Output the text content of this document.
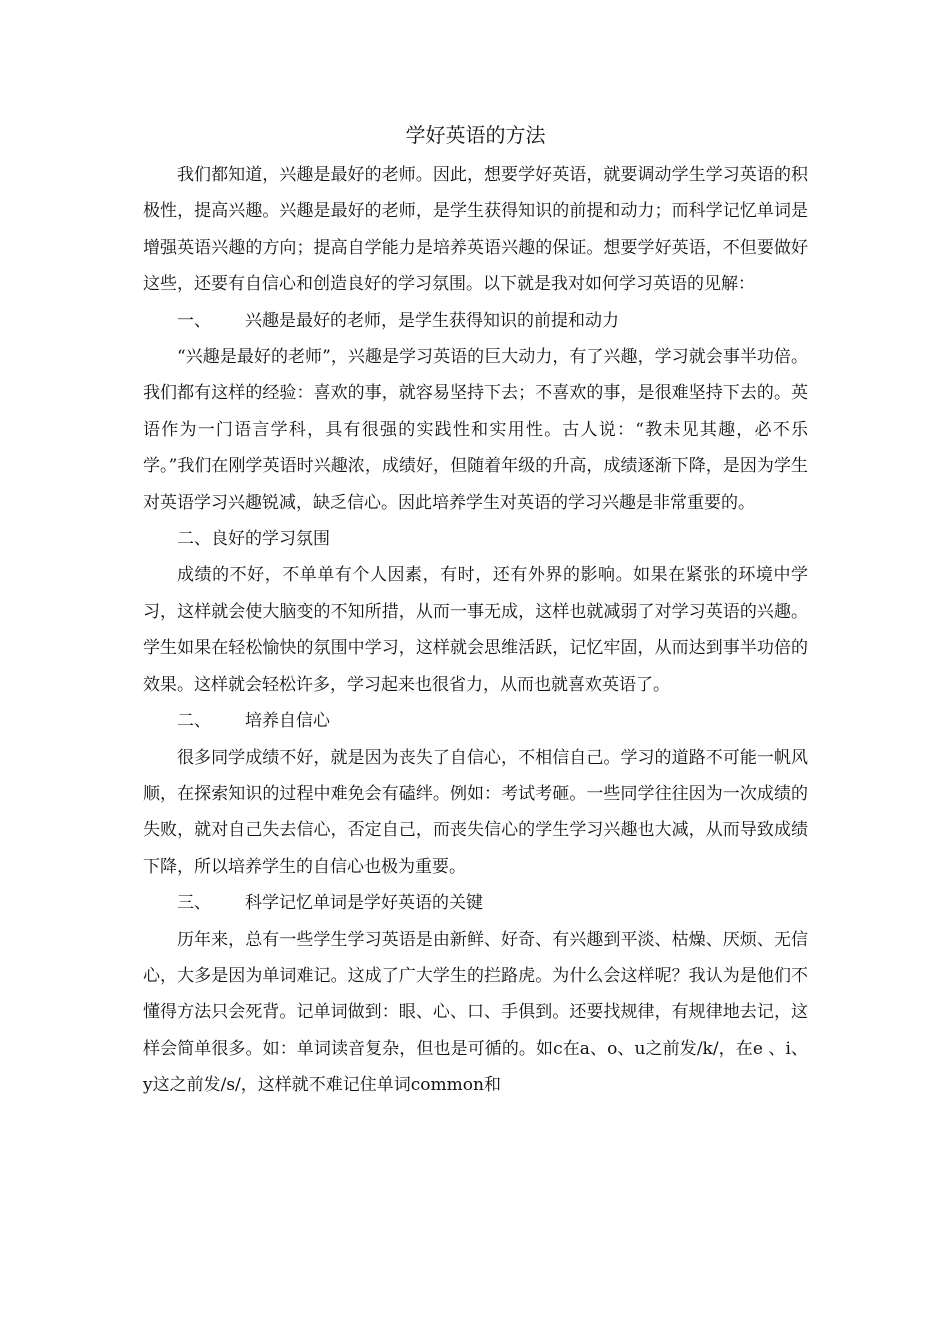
学好英语的方法

我们都知道，兴趣是最好的老师。因此，想要学好英语，就要调动学生学习英语的积极性，提高兴趣。兴趣是最好的老师，是学生获得知识的前提和动力；而科学记忆单词是增强英语兴趣的方向；提高自学能力是培养英语兴趣的保证。想要学好英语，不但要做好这些，还要有自信心和创造良好的学习氛围。以下就是我对如何学习英语的见解：

一、 兴趣是最好的老师，是学生获得知识的前提和动力

“兴趣是最好的老师”，兴趣是学习英语的巨大动力，有了兴趣，学习就会事半功倍。我们都有这样的经验：喜欢的事，就容易坚持下去；不喜欢的事，是很难坚持下去的。英语作为一门语言学科，具有很强的实践性和实用性。古人说：“教未见其趣，必不乐学。”我们在刚学英语时兴趣浓，成绩好，但随着年级的升高，成绩逐渐下降，是因为学生对英语学习兴趣锐减，缺乏信心。因此培养学生对英语的学习兴趣是非常重要的。

二、良好的学习氛围

成绩的不好，不单单有个人因素，有时，还有外界的影响。如果在紧张的环境中学习，这样就会使大脑变的不知所措，从而一事无成，这样也就减弱了对学习英语的兴趣。学生如果在轻松愉快的氛围中学习，这样就会思维活跃，记忆牢固，从而达到事半功倍的效果。这样就会轻松许多，学习起来也很省力，从而也就喜欢英语了。

二、 培养自信心

很多同学成绩不好，就是因为丧失了自信心，不相信自己。学习的道路不可能一帆风顺，在探索知识的过程中难免会有磕绊。例如：考试考砸。一些同学往往因为一次成绩的失败，就对自己失去信心，否定自己，而丧失信心的学生学习兴趣也大减，从而导致成绩下降，所以培养学生的自信心也极为重要。

三、 科学记忆单词是学好英语的关键

历年来，总有一些学生学习英语是由新鲜、好奇、有兴趣到平淡、枯燥、厌烦、无信心，大多是因为单词难记。这成了广大学生的拦路虎。为什么会这样呢？我认为是他们不懂得方法只会死背。记单词做到：眼、心、口、手俱到。还要找规律，有规律地去记，这样会简单很多。如：单词读音复杂，但也是可循的。如c在a、o、u之前发/k/，在e 、i、y这之前发/s/，这样就不难记住单词common和
